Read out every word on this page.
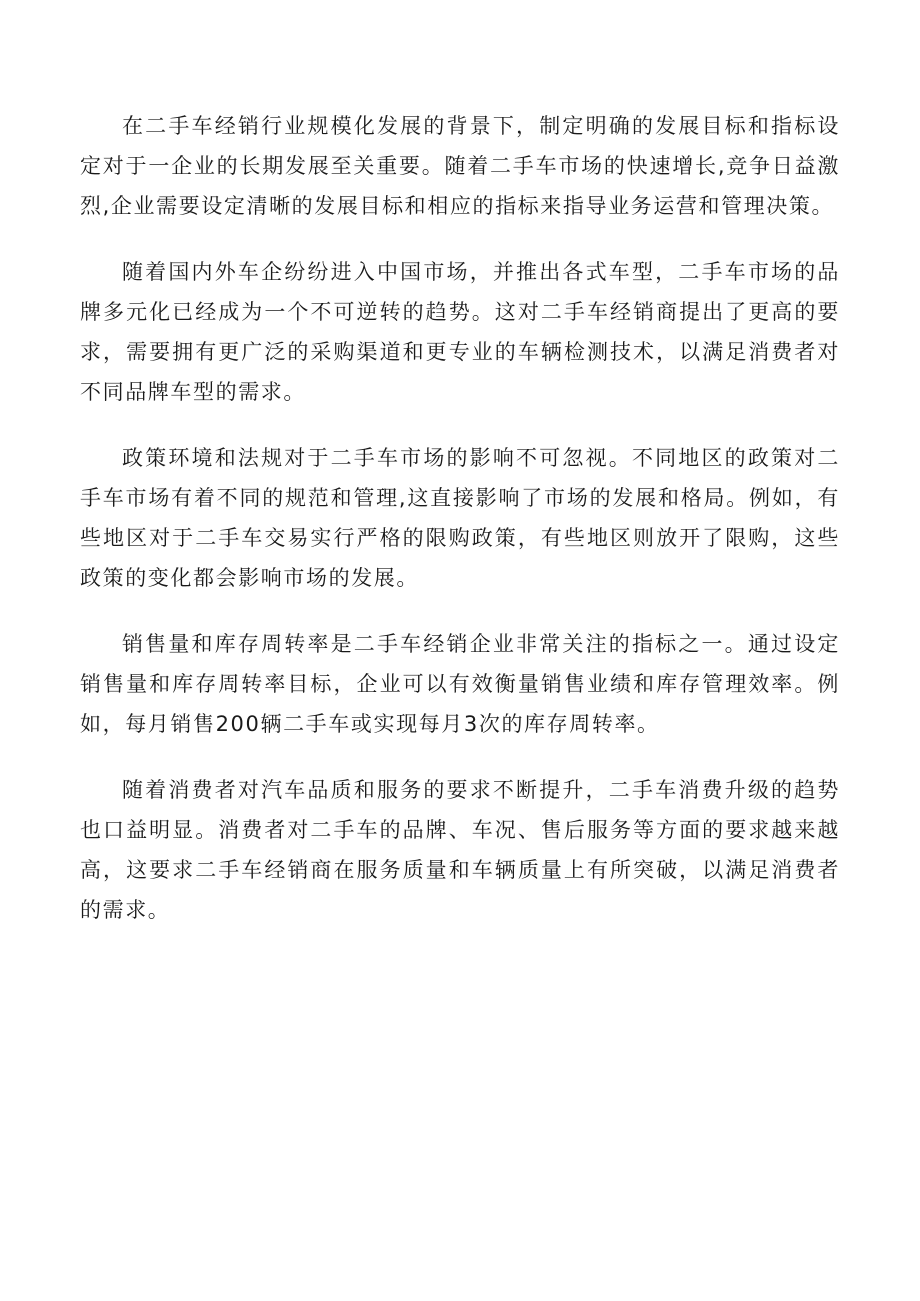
在二手车经销行业规模化发展的背景下，制定明确的发展目标和指标设定对于一企业的长期发展至关重要。随着二手车市场的快速增长,竞争日益激烈,企业需要设定清晰的发展目标和相应的指标来指导业务运营和管理决策。

随着国内外车企纷纷进入中国市场，并推出各式车型，二手车市场的品牌多元化已经成为一个不可逆转的趋势。这对二手车经销商提出了更高的要求，需要拥有更广泛的采购渠道和更专业的车辆检测技术，以满足消费者对不同品牌车型的需求。

政策环境和法规对于二手车市场的影响不可忽视。不同地区的政策对二手车市场有着不同的规范和管理,这直接影响了市场的发展和格局。例如，有些地区对于二手车交易实行严格的限购政策，有些地区则放开了限购，这些政策的变化都会影响市场的发展。

销售量和库存周转率是二手车经销企业非常关注的指标之一。通过设定销售量和库存周转率目标，企业可以有效衡量销售业绩和库存管理效率。例如，每月销售200辆二手车或实现每月3次的库存周转率。

随着消费者对汽车品质和服务的要求不断提升，二手车消费升级的趋势也口益明显。消费者对二手车的品牌、车况、售后服务等方面的要求越来越高，这要求二手车经销商在服务质量和车辆质量上有所突破，以满足消费者的需求。
